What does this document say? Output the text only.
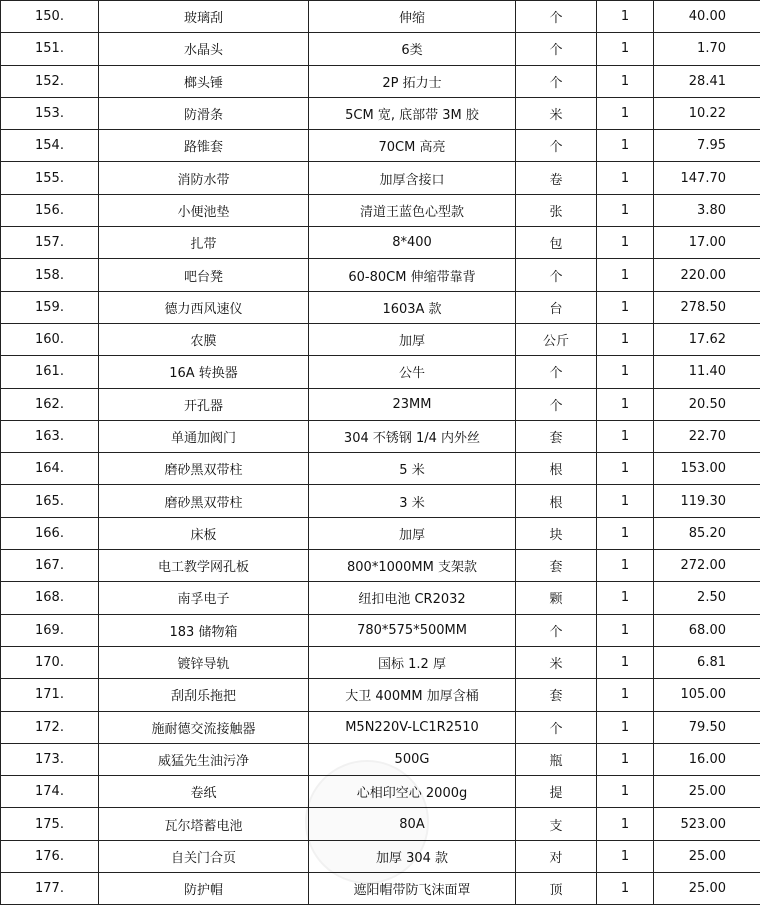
150.	玻璃刮	伸缩	个	1	40.00
151.	水晶头	6类	个	1	1.70
152.	榔头锤	2P 拓力士	个	1	28.41
153.	防滑条	5CM 宽, 底部带 3M 胶	米	1	10.22
154.	路锥套	70CM 高亮	个	1	7.95
155.	消防水带	加厚含接口	卷	1	147.70
156.	小便池垫	清道王蓝色心型款	张	1	3.80
157.	扎带	8*400	包	1	17.00
158.	吧台凳	60-80CM 伸缩带靠背	个	1	220.00
159.	德力西风速仪	1603A 款	台	1	278.50
160.	农膜	加厚	公斤	1	17.62
161.	16A 转换器	公牛	个	1	11.40
162.	开孔器	23MM	个	1	20.50
163.	单通加阀门	304 不锈钢 1/4 内外丝	套	1	22.70
164.	磨砂黑双带柱	5 米	根	1	153.00
165.	磨砂黑双带柱	3 米	根	1	119.30
166.	床板	加厚	块	1	85.20
167.	电工教学网孔板	800*1000MM 支架款	套	1	272.00
168.	南孚电子	纽扣电池 CR2032	颗	1	2.50
169.	183 储物箱	780*575*500MM	个	1	68.00
170.	镀锌导轨	国标 1.2 厚	米	1	6.81
171.	刮刮乐拖把	大卫 400MM 加厚含桶	套	1	105.00
172.	施耐德交流接触器	M5N220V-LC1R2510	个	1	79.50
173.	威猛先生油污净	500G	瓶	1	16.00
174.	卷纸	心相印空心 2000g	提	1	25.00
175.	瓦尔塔蓄电池	80A	支	1	523.00
176.	自关门合页	加厚 304 款	对	1	25.00
177.	防护帽	遮阳帽带防飞沫面罩	顶	1	25.00
